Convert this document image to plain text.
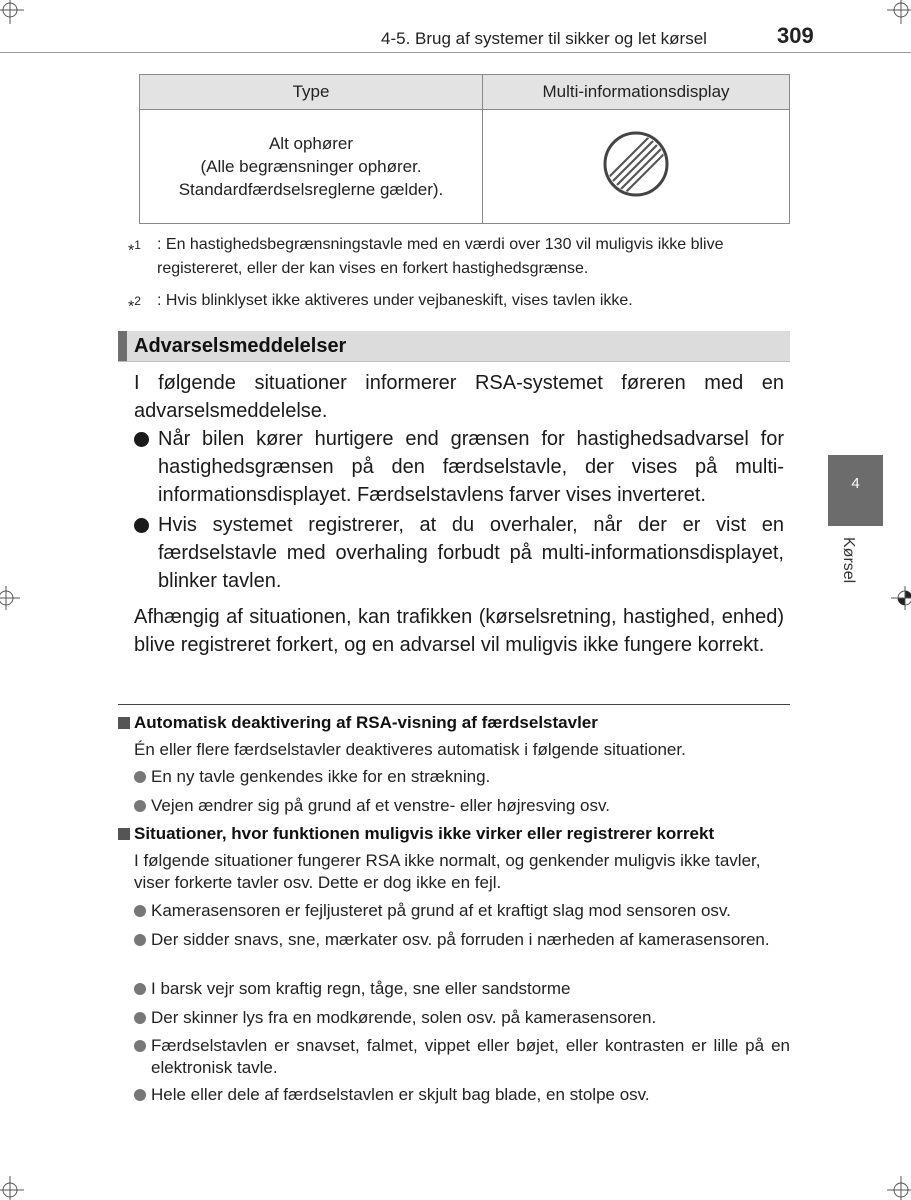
4-5. Brug af systemer til sikker og let kørsel	309
Type	Multi-informationsdisplay

Alt ophører
(Alle begrænsninger ophører.
Standardfærdselsreglerne gælder).

*$^1$	: En hastighedsbegrænsningstavle med en værdi over 130 vil muligvis ikke blive registereret, eller der kan vises en forkert hastighedsgrænse.
*$^2$	: Hvis blinklyset ikke aktiveres under vejbaneskift, vises tavlen ikke.
Advarselsmeddelelser
I følgende situationer informerer RSA-systemet føreren med en advarselsmeddelelse.
Når bilen kører hurtigere end grænsen for hastighedsadvarsel for hastighedsgrænsen på den færdselstavle, der vises på multi-informationsdisplayet. Færdselstavlens farver vises inverteret.
Hvis systemet registrerer, at du overhaler, når der er vist en færdselstavle med overhaling forbudt på multi-informationsdisplayet, blinker tavlen.
Afhængig af situationen, kan trafikken (kørselsretning, hastighed, enhed) blive registreret forkert, og en advarsel vil muligvis ikke fungere korrekt.
Automatisk deaktivering af RSA-visning af færdselstavler
Én eller flere færdselstavler deaktiveres automatisk i følgende situationer.
En ny tavle genkendes ikke for en strækning.
Vejen ændrer sig på grund af et venstre- eller højresving osv.
Situationer, hvor funktionen muligvis ikke virker eller registrerer korrekt
I følgende situationer fungerer RSA ikke normalt, og genkender muligvis ikke tavler, viser forkerte tavler osv. Dette er dog ikke en fejl.
Kamerasensoren er fejljusteret på grund af et kraftigt slag mod sensoren osv.
Der sidder snavs, sne, mærkater osv. på forruden i nærheden af kamerasensoren.
I barsk vejr som kraftig regn, tåge, sne eller sandstorme
Der skinner lys fra en modkørende, solen osv. på kamerasensoren.
Færdselstavlen er snavset, falmet, vippet eller bøjet, eller kontrasten er lille på en elektronisk tavle.
Hele eller dele af færdselstavlen er skjult bag blade, en stolpe osv.
4
Kørsel
